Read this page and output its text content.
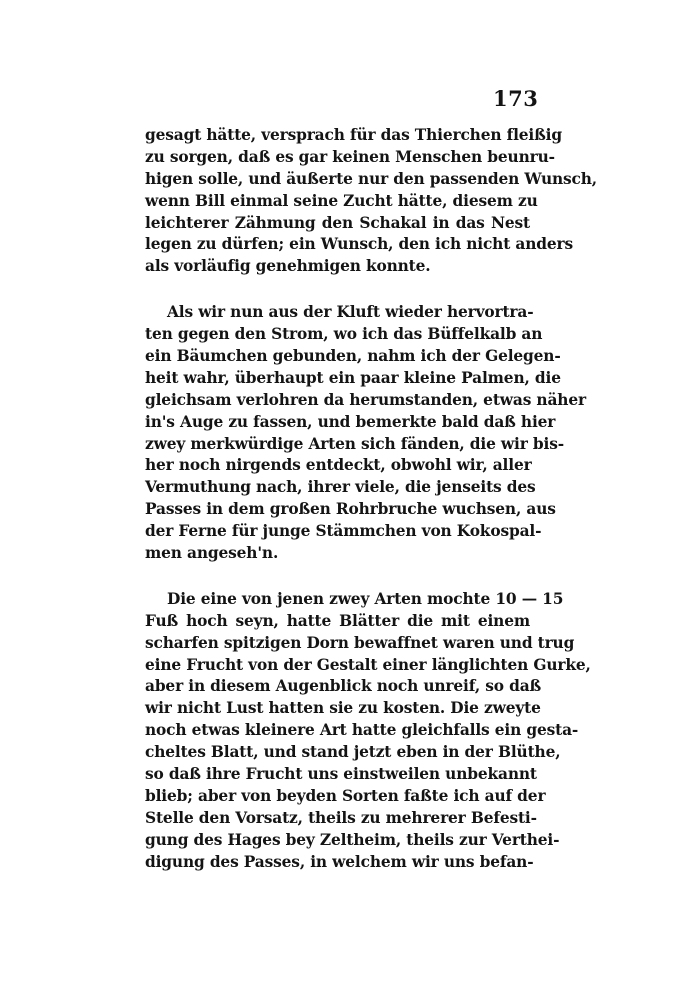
173
gesagt hätte, versprach für das Thierchen fleißig
zu sorgen, daß es gar keinen Menschen beunru-
higen solle, und äußerte nur den passenden Wunsch,
wenn Bill einmal seine Zucht hätte, diesem zu
leichterer Zähmung den Schakal in das Nest
legen zu dürfen; ein Wunsch, den ich nicht anders
als vorläufig genehmigen konnte.
Als wir nun aus der Kluft wieder hervortra-
ten gegen den Strom, wo ich das Büffelkalb an
ein Bäumchen gebunden, nahm ich der Gelegen-
heit wahr, überhaupt ein paar kleine Palmen, die
gleichsam verlohren da herumstanden, etwas näher
in's Auge zu fassen, und bemerkte bald daß hier
zwey merkwürdige Arten sich fänden, die wir bis-
her noch nirgends entdeckt, obwohl wir, aller
Vermuthung nach, ihrer viele, die jenseits des
Passes in dem großen Rohrbruche wuchsen, aus
der Ferne für junge Stämmchen von Kokospal-
men angeseh'n.
Die eine von jenen zwey Arten mochte 10 — 15
Fuß hoch seyn, hatte Blätter die mit einem
scharfen spitzigen Dorn bewaffnet waren und trug
eine Frucht von der Gestalt einer länglichten Gurke,
aber in diesem Augenblick noch unreif, so daß
wir nicht Lust hatten sie zu kosten. Die zweyte
noch etwas kleinere Art hatte gleichfalls ein gesta-
cheltes Blatt, und stand jetzt eben in der Blüthe,
so daß ihre Frucht uns einstweilen unbekannt
blieb; aber von beyden Sorten faßte ich auf der
Stelle den Vorsatz, theils zu mehrerer Befesti-
gung des Hages bey Zeltheim, theils zur Verthei-
digung des Passes, in welchem wir uns befan-
